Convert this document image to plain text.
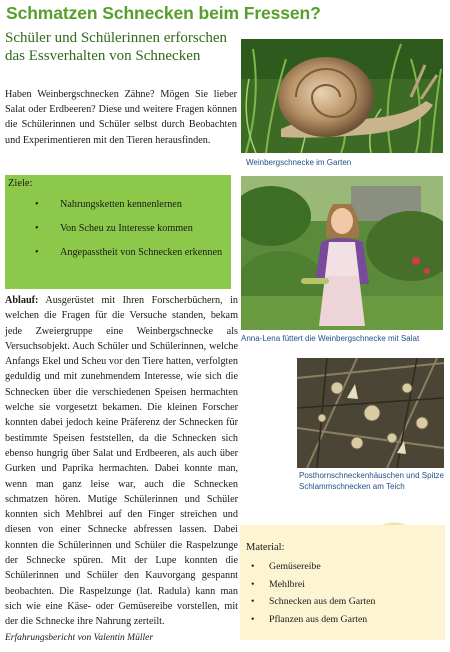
Schmatzen Schnecken beim Fressen?
Schüler und Schülerinnen erforschen das Essverhalten von Schnecken

Haben Weinbergschnecken Zähne? Mögen Sie lieber Salat oder Erdbeeren? Diese und weitere Fragen können die Schülerinnen und Schüler selbst durch Beobachten und Experimentieren mit den Tieren herausfinden.

Weinbergschnecke im Garten

Anna-Lena füttert die Weinbergschnecke mit Salat

Posthornschneckenhäuschen und Spitze Schlammschnecken am Teich

Ziele:

• Nahrungsketten kennenlernen
• Von Scheu zu Interesse kommen
• Angepasstheit von Schnecken erkennen

Ablauf: Ausgerüstet mit Ihren Forscherbüchern, in welchen die Fragen für die Versuche standen, bekam jede Zweiergruppe eine Weinbergschnecke als Versuchsobjekt. Auch Schüler und Schülerinnen, welche Anfangs Ekel und Scheu vor den Tiere hatten, verfolgten geduldig und mit zunehmendem Interesse, wie sich die Schnecken über die verschiedenen Speisen hermachten welche sie vorgesetzt bekamen. Die kleinen Forscher konnten dabei jedoch keine Präferenz der Schnecken für bestimmte Speisen feststellen, da die Schnecken sich ebenso hungrig über Salat und Erdbeeren, als auch über Gurken und Paprika hermachten. Dabei konnte man, wenn man ganz leise war, auch die Schnecken schmatzen hören. Mutige Schülerinnen und Schüler konnten sich Mehlbrei auf den Finger streichen und diesen von einer Schnecke abfressen lassen. Dabei konnten die Schülerinnen und Schüler die Raspelzunge der Schnecke spüren. Mit der Lupe konnten die Schülerinnen und Schüler den Kauvorgang gespannt beobachten. Die Raspelzunge (lat. Radula) kann man sich wie eine Käse- oder Gemüsereibe vorstellen, mit der die Schnecke ihre Nahrung zerteilt.

Erfahrungsbericht von Valentin Müller

Material:

• Gemüsereibe
• Mehlbrei
• Schnecken aus dem Garten
• Pflanzen aus dem Garten
